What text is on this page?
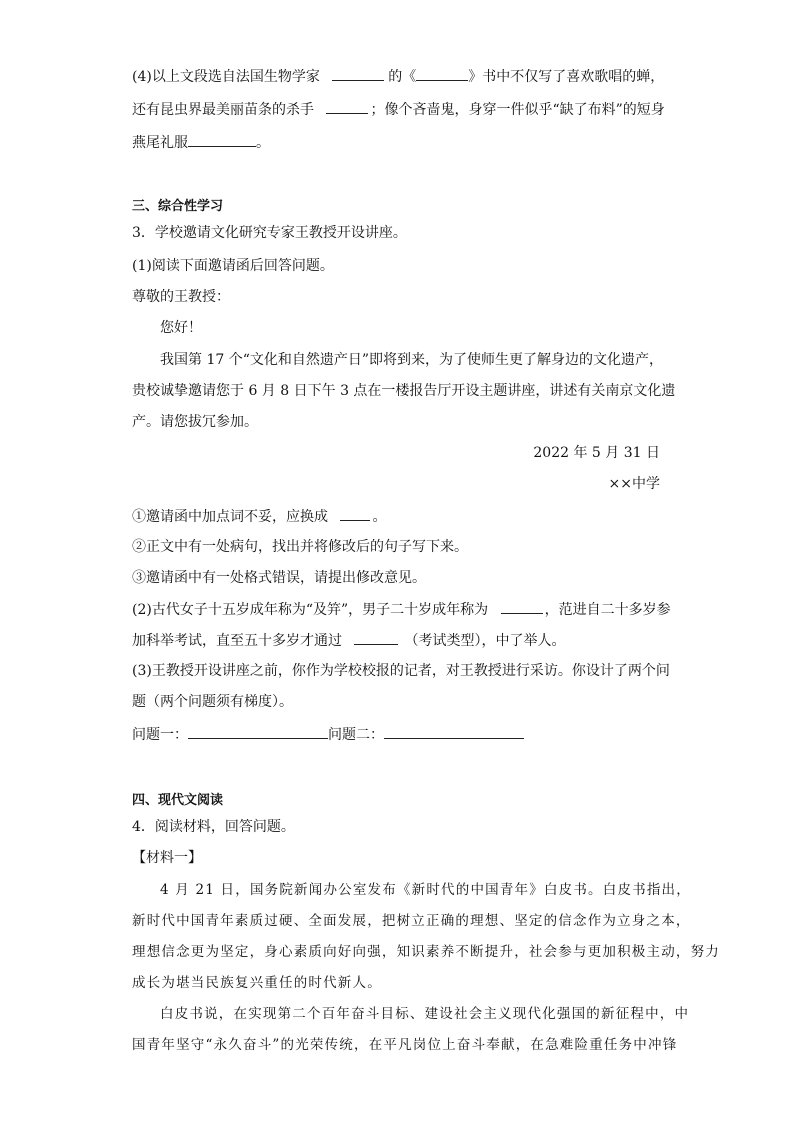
(4)以上文段选自法国生物学家	的《	》书中不仅写了喜欢歌唱的蝉，
还有昆虫界最美丽苗条的杀手	；像个吝啬鬼，身穿一件似乎“缺了布料”的短身
燕尾礼服	。
三、综合性学习
3．学校邀请文化研究专家王教授开设讲座。
(1)阅读下面邀请函后回答问题。
尊敬的王教授：
您好！
我国第 17 个“文化和自然遗产日”即将到来，为了使师生更了解身边的文化遗产，
贵校诚挚邀请您于 6 月 8 日下午 3 点在一楼报告厅开设主题讲座，讲述有关南京文化遗
产。请您拔冗参加。
2022 年 5 月 31 日
××中学
①邀请函中加点词不妥，应换成	。
②正文中有一处病句，找出并将修改后的句子写下来。
③邀请函中有一处格式错误，请提出修改意见。
(2)古代女子十五岁成年称为“及笄”，男子二十岁成年称为	，范进自二十多岁参
加科举考试，直至五十多岁才通过	（考试类型），中了举人。
(3)王教授开设讲座之前，你作为学校校报的记者，对王教授进行采访。你设计了两个问
题（两个问题须有梯度）。
问题一：	问题二：
四、现代文阅读
4．阅读材料，回答问题。
【材料一】
4 月 21 日，国务院新闻办公室发布《新时代的中国青年》白皮书。白皮书指出，
新时代中国青年素质过硬、全面发展，把树立正确的理想、坚定的信念作为立身之本，
理想信念更为坚定，身心素质向好向强，知识素养不断提升，社会参与更加积极主动，努力
成长为堪当民族复兴重任的时代新人。
白皮书说，在实现第二个百年奋斗目标、建设社会主义现代化强国的新征程中，中
国青年坚守“永久奋斗”的光荣传统，在平凡岗位上奋斗奉献，在急难险重任务中冲锋
